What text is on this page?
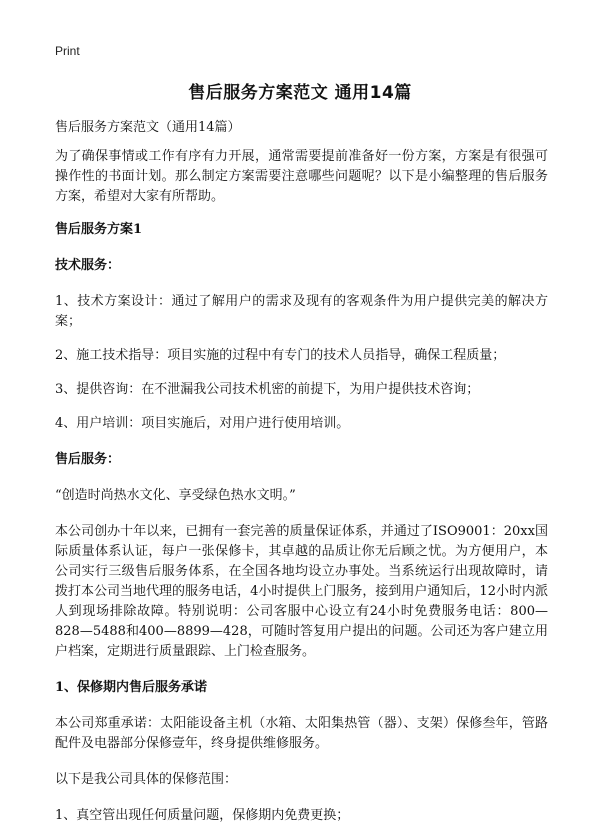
Print
售后服务方案范文 通用14篇

售后服务方案范文（通用14篇）

为了确保事情或工作有序有力开展，通常需要提前准备好一份方案，方案是有很强可操作性的书面计划。那么制定方案需要注意哪些问题呢？以下是小编整理的售后服务方案，希望对大家有所帮助。

售后服务方案1

技术服务：

1、技术方案设计：通过了解用户的需求及现有的客观条件为用户提供完美的解决方案；

2、施工技术指导：项目实施的过程中有专门的技术人员指导，确保工程质量；

3、提供咨询：在不泄漏我公司技术机密的前提下，为用户提供技术咨询；

4、用户培训：项目实施后，对用户进行使用培训。

售后服务：

“创造时尚热水文化、享受绿色热水文明。”

本公司创办十年以来，已拥有一套完善的质量保证体系，并通过了ISO9001：20xx国际质量体系认证，每户一张保修卡，其卓越的品质让你无后顾之忧。为方便用户，本公司实行三级售后服务体系，在全国各地均设立办事处。当系统运行出现故障时，请拨打本公司当地代理的服务电话，4小时提供上门服务，接到用户通知后，12小时内派人到现场排除故障。特别说明：公司客服中心设立有24小时免费服务电话：800—828—5488和400—8899—428，可随时答复用户提出的问题。公司还为客户建立用户档案，定期进行质量跟踪、上门检查服务。

1、保修期内售后服务承诺

本公司郑重承诺：太阳能设备主机（水箱、太阳集热管（器）、支架）保修叁年，管路配件及电器部分保修壹年，终身提供维修服务。

以下是我公司具体的保修范围：

1、真空管出现任何质量问题，保修期内免费更换；
